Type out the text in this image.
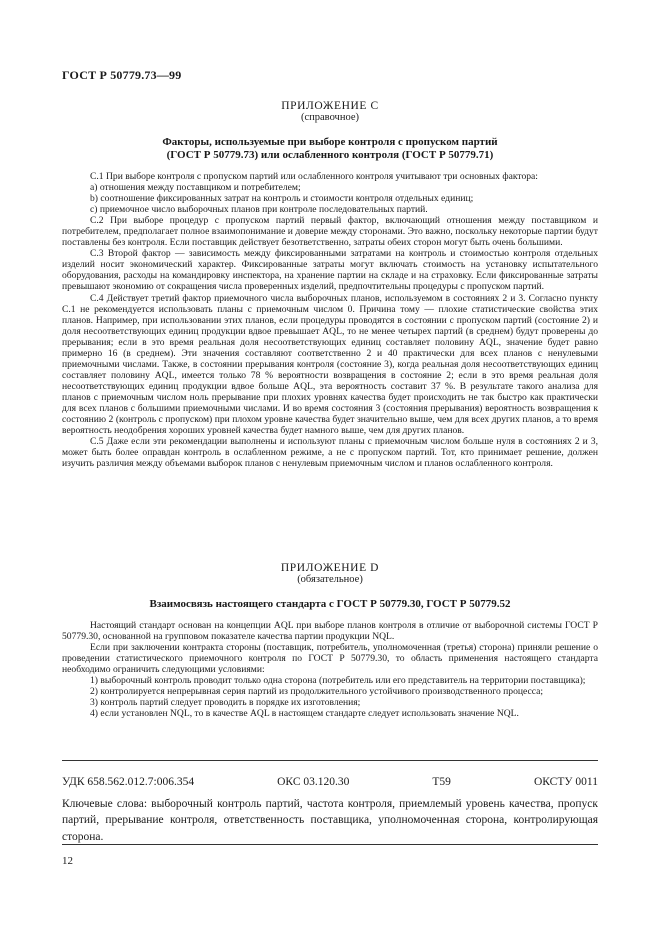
ГОСТ Р 50779.73—99
ПРИЛОЖЕНИЕ С
(справочное)
Факторы, используемые при выборе контроля с пропуском партий
(ГОСТ Р 50779.73) или ослабленного контроля (ГОСТ Р 50779.71)

С.1 При выборе контроля с пропуском партий или ослабленного контроля учитывают три основных фактора:

а) отношения между поставщиком и потребителем;

b) соотношение фиксированных затрат на контроль и стоимости контроля отдельных единиц;

с) приемочное число выборочных планов при контроле последовательных партий.

С.2 При выборе процедур с пропуском партий первый фактор, включающий отношения между поставщиком и потребителем, предполагает полное взаимопонимание и доверие между сторонами. Это важно, поскольку некоторые партии будут поставлены без контроля. Если поставщик действует безответственно, затраты обеих сторон могут быть очень большими.

С.3 Второй фактор — зависимость между фиксированными затратами на контроль и стоимостью контроля отдельных изделий носит экономический характер. Фиксированные затраты могут включать стоимость на установку испытательного оборудования, расходы на командировку инспектора, на хранение партии на складе и на страховку. Если фиксированные затраты превышают экономию от сокращения числа проверенных изделий, предпочтительны процедуры с пропуском партий.

С.4 Действует третий фактор приемочного числа выборочных планов, используемом в состояниях 2 и 3. Согласно пункту С.1 не рекомендуется использовать планы с приемочным числом 0. Причина тому — плохие статистические свойства этих планов. Например, при использовании этих планов, если процедуры проводятся в состоянии с пропуском партий (состояние 2) и доля несоответствующих единиц продукции вдвое превышает AQL, то не менее четырех партий (в среднем) будут проверены до прерывания; если в это время реальная доля несоответствующих единиц составляет половину AQL, значение будет равно примерно 16 (в среднем). Эти значения составляют соответственно 2 и 40 практически для всех планов с ненулевыми приемочными числами. Также, в состоянии прерывания контроля (состояние 3), когда реальная доля несоответствующих единиц составляет половину AQL, имеется только 78 % вероятности возвращения в состояние 2; если в это время реальная доля несоответствующих единиц продукции вдвое больше AQL, эта вероятность составит 37 %. В результате такого анализа для планов с приемочным числом ноль прерывание при плохих уровнях качества будет происходить не так быстро как практически для всех планов с большими приемочными числами. И во время состояния 3 (состояния прерывания) вероятность возвращения к состоянию 2 (контроль с пропуском) при плохом уровне качества будет значительно выше, чем для всех других планов, а то время вероятность неодобрения хороших уровней качества будет намного выше, чем для других планов.

С.5 Даже если эти рекомендации выполнены и используют планы с приемочным числом больше нуля в состояниях 2 и 3, может быть более оправдан контроль в ослабленном режиме, а не с пропуском партий. Тот, кто принимает решение, должен изучить различия между объемами выборок планов с ненулевым приемочным числом и планов ослабленного контроля.

ПРИЛОЖЕНИЕ D
(обязательное)
Взаимосвязь настоящего стандарта с ГОСТ Р 50779.30, ГОСТ Р 50779.52

Настоящий стандарт основан на концепции AQL при выборе планов контроля в отличие от выборочной системы ГОСТ Р 50779.30, основанной на групповом показателе качества партии продукции NQL.

Если при заключении контракта стороны (поставщик, потребитель, уполномоченная (третья) сторона) приняли решение о проведении статистического приемочного контроля по ГОСТ Р 50779.30, то область применения настоящего стандарта необходимо ограничить следующими условиями:

1) выборочный контроль проводит только одна сторона (потребитель или его представитель на территории поставщика);

2) контролируется непрерывная серия партий из продолжительного устойчивого производственного процесса;

3) контроль партий следует проводить в порядке их изготовления;

4) если установлен NQL, то в качестве AQL в настоящем стандарте следует использовать значение NQL.

УДК 658.562.012.7:006.354	ОКС 03.120.30	Т59	ОКСТУ 0011
Ключевые слова: выборочный контроль партий, частота контроля, приемлемый уровень качества, пропуск партий, прерывание контроля, ответственность поставщика, уполномоченная сторона, контролирующая сторона.
12
